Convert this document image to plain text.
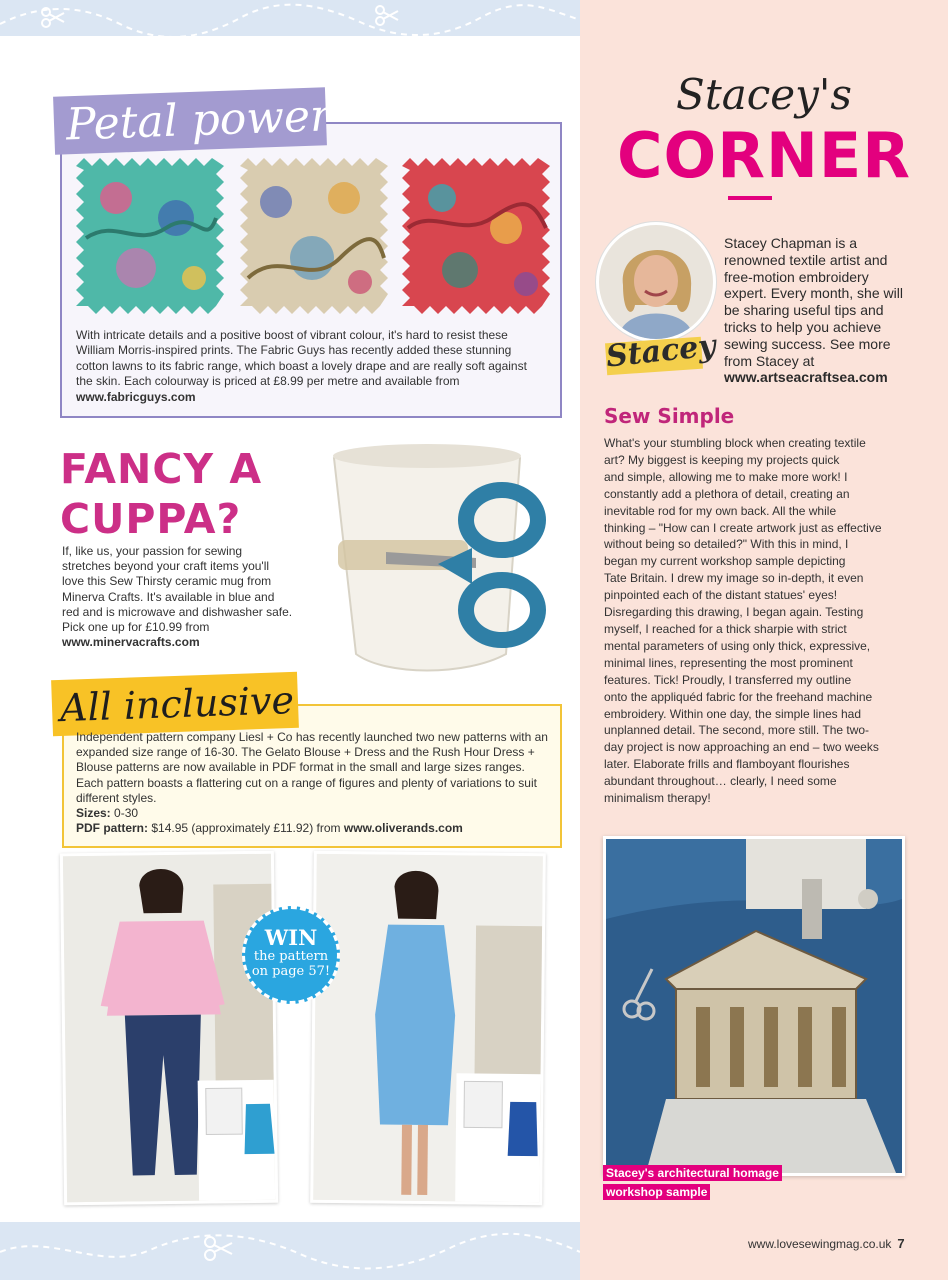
Petal power
With intricate details and a positive boost of vibrant colour, it's hard to resist these William Morris-inspired prints. The Fabric Guys has recently added these stunning cotton lawns to its fabric range, which boast a lovely drape and are really soft against the skin. Each colourway is priced at £8.99 per metre and available from
www.fabricguys.com
FANCY A
CUPPA?
If, like us, your passion for sewing stretches beyond your craft items you'll love this Sew Thirsty ceramic mug from Minerva Crafts. It's available in blue and red and is microwave and dishwasher safe. Pick one up for £10.99 from
www.minervacrafts.com
All inclusive
Independent pattern company Liesl + Co has recently launched two new patterns with an expanded size range of 16-30. The Gelato Blouse + Dress and the Rush Hour Dress + Blouse patterns are now available in PDF format in the small and large sizes ranges. Each pattern boasts a flattering cut on a range of figures and plenty of variations to suit different styles.
Sizes: 0-30
PDF pattern: $14.95 (approximately £11.92) from www.oliverands.com
WIN
the pattern
on page 57!
Stacey's
CORNER
Stacey
Stacey Chapman is a renowned textile artist and free-motion embroidery expert. Every month, she will be sharing useful tips and tricks to help you achieve sewing success. See more from Stacey at
www.artseacraftsea.com
Sew Simple
What's your stumbling block when creating textile
art? My biggest is keeping my projects quick
and simple, allowing me to make more work! I
constantly add a plethora of detail, creating an
inevitable rod for my own back. All the while
thinking – "How can I create artwork just as effective
without being so detailed?" With this in mind, I
began my current workshop sample depicting
Tate Britain. I drew my image so in-depth, it even
pinpointed each of the distant statues' eyes!
Disregarding this drawing, I began again. Testing
myself, I reached for a thick sharpie with strict
mental parameters of using only thick, expressive,
minimal lines, representing the most prominent
features. Tick! Proudly, I transferred my outline
onto the appliquéd fabric for the freehand machine
embroidery. Within one day, the simple lines had
unplanned detail. The second, more still. The two-
day project is now approaching an end – two weeks
later. Elaborate frills and flamboyant flourishes
abundant throughout… clearly, I need some
minimalism therapy!
Stacey's architectural homage
workshop sample
www.lovesewingmag.co.uk 7
